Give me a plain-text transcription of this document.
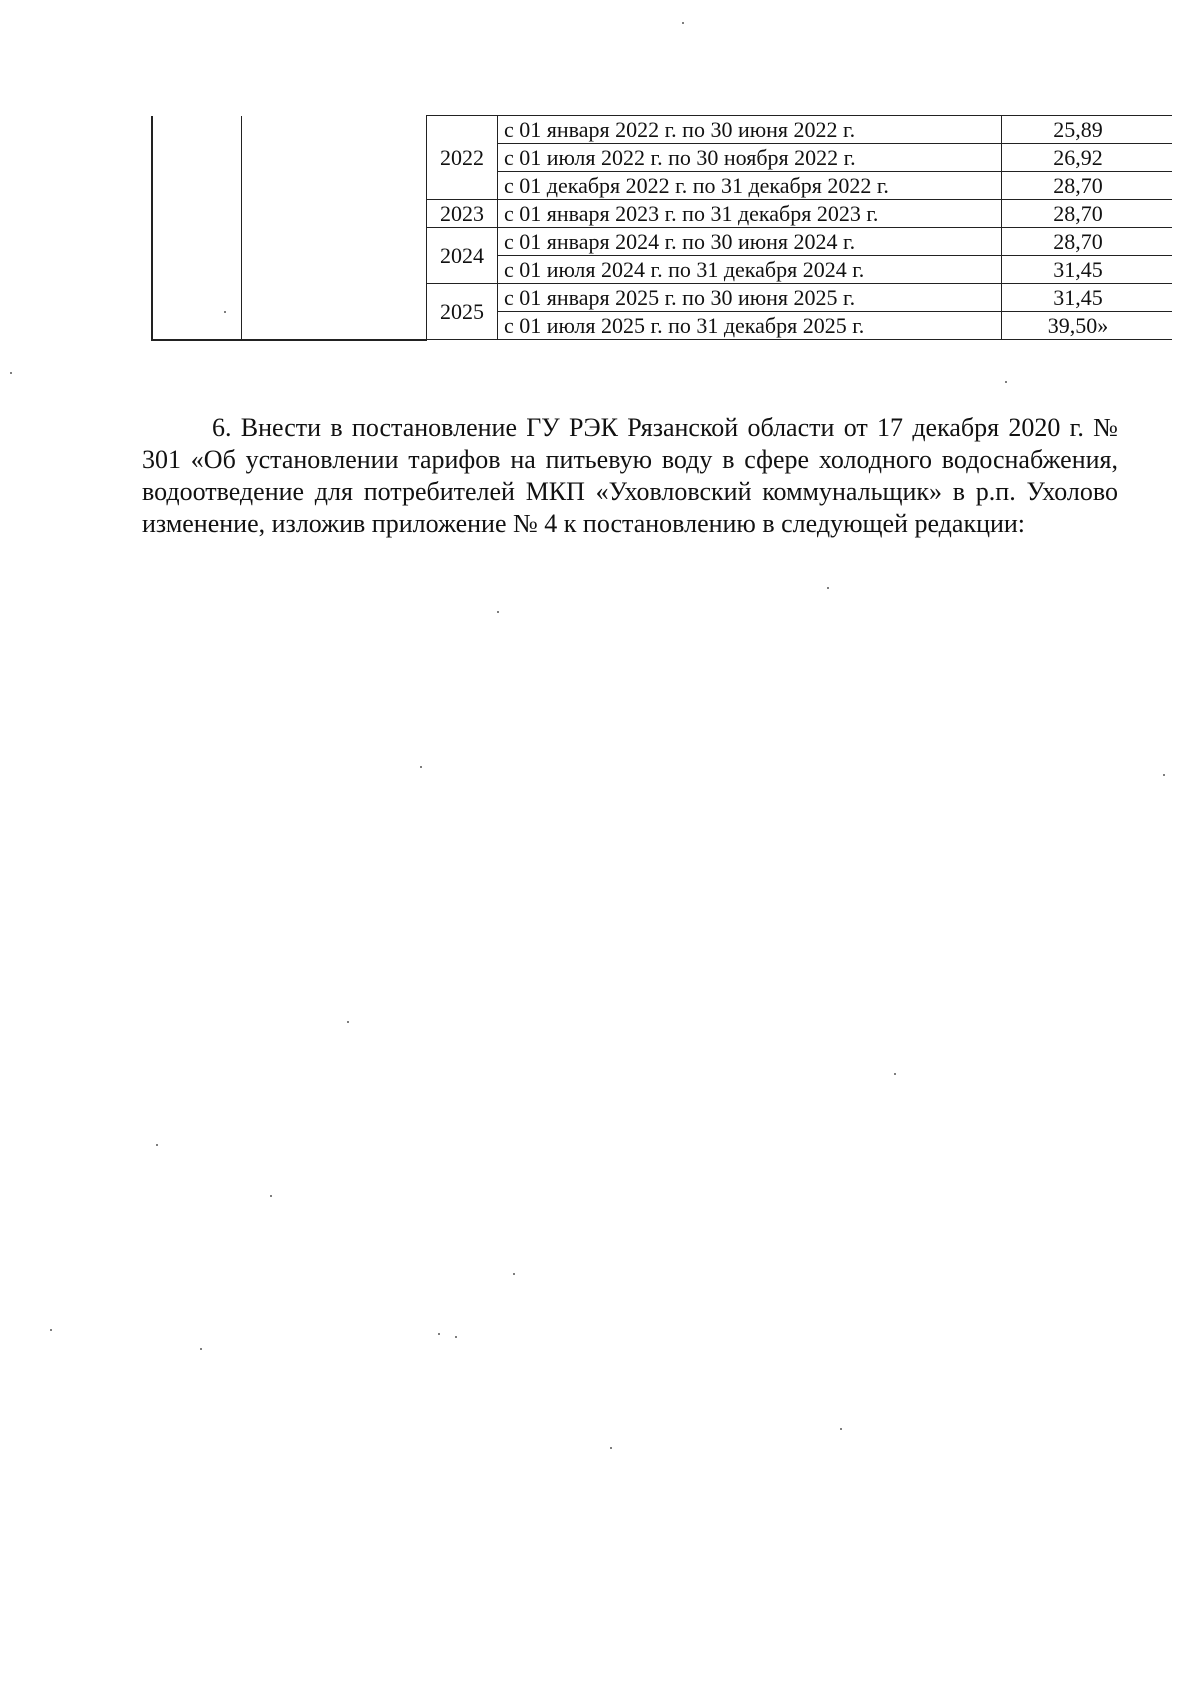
		2022	с 01 января 2022 г. по 30 июня 2022 г.	25,89
			с 01 июля 2022 г. по 30 ноября 2022 г.	26,92
			с 01 декабря 2022 г. по 31 декабря 2022 г.	28,70
		2023	с 01 января 2023 г. по 31 декабря 2023 г.	28,70
		2024	с 01 января 2024 г. по 30 июня 2024 г.	28,70
			с 01 июля 2024 г. по 31 декабря 2024 г.	31,45
		2025	с 01 января 2025 г. по 30 июня 2025 г.	31,45
			с 01 июля 2025 г. по 31 декабря 2025 г.	39,50»

6. Внести в постановление ГУ РЭК Рязанской области от 17 декабря 2020 г. № 301 «Об установлении тарифов на питьевую воду в сфере холодного водоснабжения, водоотведение для потребителей МКП «Уховловский коммунальщик» в р.п. Ухолово изменение, изложив приложение № 4 к постановлению в следующей редакции:
